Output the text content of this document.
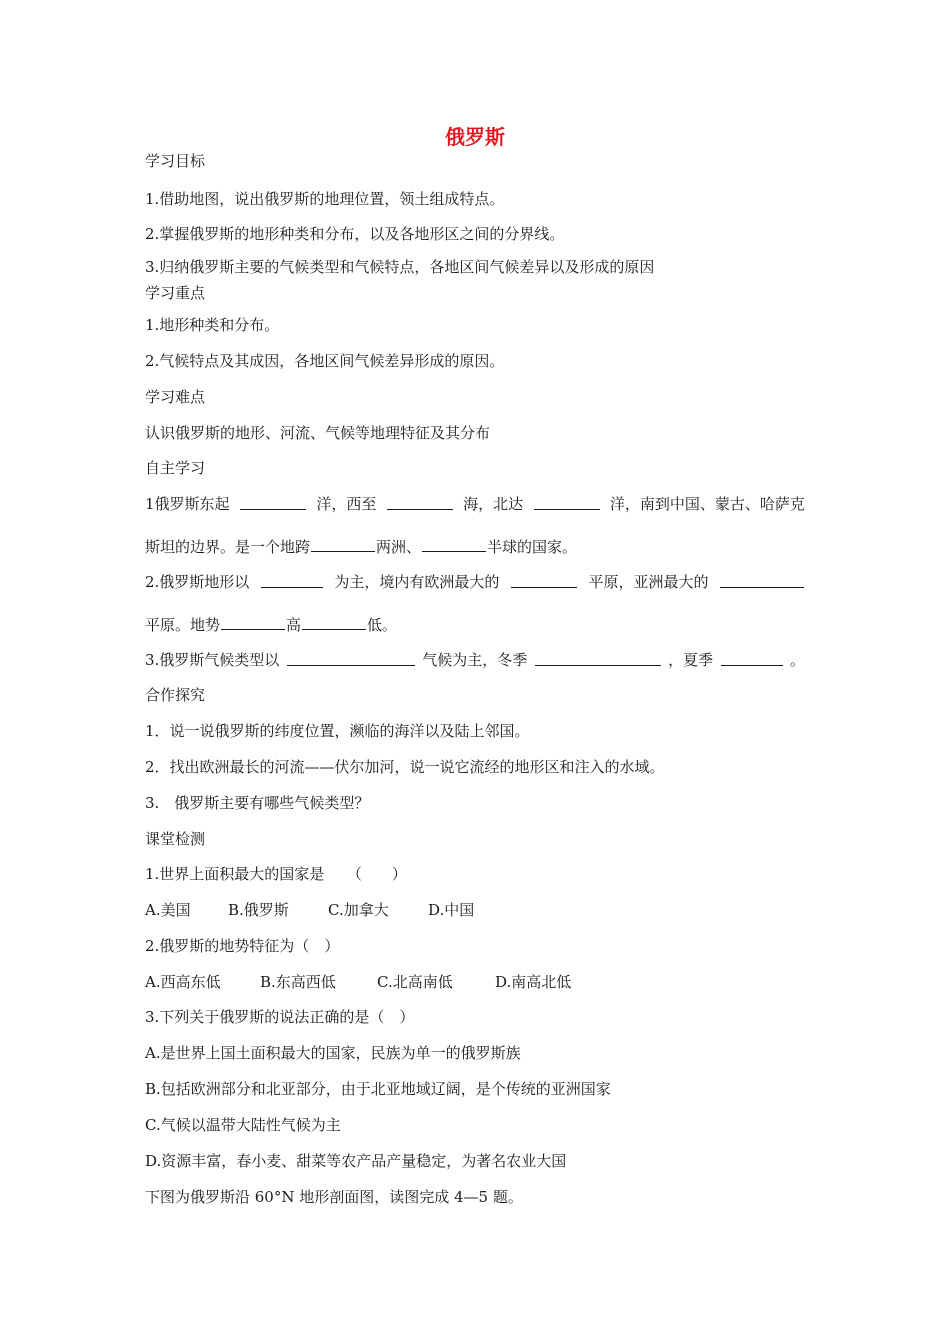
俄罗斯
学习目标
1.借助地图，说出俄罗斯的地理位置，领土组成特点。
2.掌握俄罗斯的地形种类和分布，以及各地形区之间的分界线。
3.归纳俄罗斯主要的气候类型和气候特点，各地区间气候差异以及形成的原因
学习重点
1.地形种类和分布。
2.气候特点及其成因，各地区间气候差异形成的原因。
学习难点
认识俄罗斯的地形、河流、气候等地理特征及其分布
自主学习
1俄罗斯东起	洋，西至	海，北达	洋，南到中国、蒙古、哈萨克
斯坦的边界。是一个地跨	两洲、	半球的国家。
2.俄罗斯地形以	为主，境内有欧洲最大的	平原，亚洲最大的
平原。地势	高	低。
3.俄罗斯气候类型以	气候为主，冬季	，夏季	。
合作探究
1．说一说俄罗斯的纬度位置，濒临的海洋以及陆上邻国。
2．找出欧洲最长的河流——伏尔加河，说一说它流经的地形区和注入的水域。
3.　俄罗斯主要有哪些气候类型？
课堂检测
1.世界上面积最大的国家是　　（　　）
A.美国 B.俄罗斯	C.加拿大	D.中国
2.俄罗斯的地势特征为（　）
A.西高东低	B.东高西低	C.北高南低	D.南高北低
3.下列关于俄罗斯的说法正确的是（　）
A.是世界上国土面积最大的国家，民族为单一的俄罗斯族
B.包括欧洲部分和北亚部分，由于北亚地域辽阔，是个传统的亚洲国家
C.气候以温带大陆性气候为主
D.资源丰富，春小麦、甜菜等农产品产量稳定，为著名农业大国
下图为俄罗斯沿 60°N 地形剖面图，读图完成 4—5 题。
